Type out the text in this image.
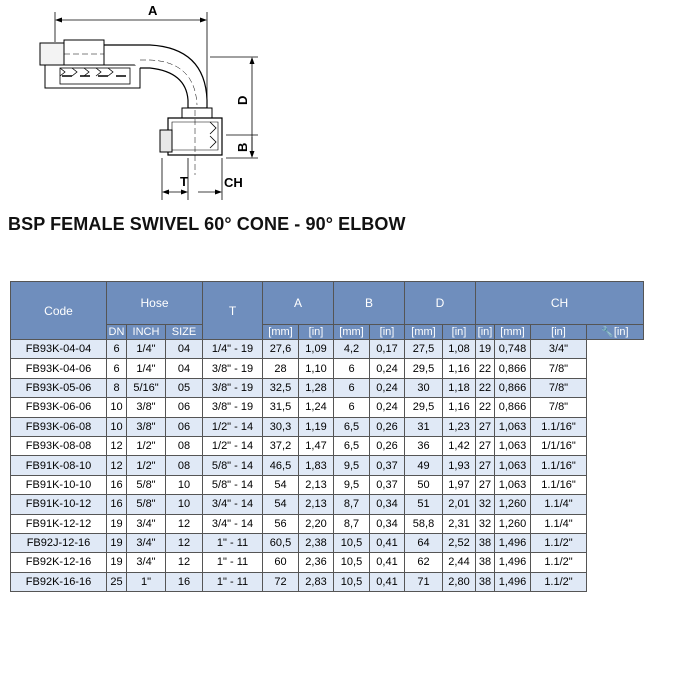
A
D
B
T	CH
BSP FEMALE SWIVEL 60° CONE - 90° ELBOW
Code	Hose			T	A		B		D		CH			
	DN	INCH	SIZE		[mm]	[in]	[mm]	[in]	[mm]	[in]	[in]	[mm]	[in]	🔧[in]
FB93K-04-04	6	1/4"	04	1/4" - 19	27,6	1,09	4,2	0,17	27,5	1,08	19	0,748	3/4"	
FB93K-04-06	6	1/4"	04	3/8" - 19	28	1,10	6	0,24	29,5	1,16	22	0,866	7/8"	
FB93K-05-06	8	5/16"	05	3/8" - 19	32,5	1,28	6	0,24	30	1,18	22	0,866	7/8"	
FB93K-06-06	10	3/8"	06	3/8" - 19	31,5	1,24	6	0,24	29,5	1,16	22	0,866	7/8"	
FB93K-06-08	10	3/8"	06	1/2" - 14	30,3	1,19	6,5	0,26	31	1,23	27	1,063	1.1/16"	
FB93K-08-08	12	1/2"	08	1/2" - 14	37,2	1,47	6,5	0,26	36	1,42	27	1,063	1/1/16"	
FB91K-08-10	12	1/2"	08	5/8" - 14	46,5	1,83	9,5	0,37	49	1,93	27	1,063	1.1/16"	
FB91K-10-10	16	5/8"	10	5/8" - 14	54	2,13	9,5	0,37	50	1,97	27	1,063	1.1/16"	
FB91K-10-12	16	5/8"	10	3/4" - 14	54	2,13	8,7	0,34	51	2,01	32	1,260	1.1/4"	
FB91K-12-12	19	3/4"	12	3/4" - 14	56	2,20	8,7	0,34	58,8	2,31	32	1,260	1.1/4"	
FB92J-12-16	19	3/4"	12	1" - 11	60,5	2,38	10,5	0,41	64	2,52	38	1,496	1.1/2"	
FB92K-12-16	19	3/4"	12	1" - 11	60	2,36	10,5	0,41	62	2,44	38	1,496	1.1/2"	
FB92K-16-16	25	1"	16	1" - 11	72	2,83	10,5	0,41	71	2,80	38	1,496	1.1/2"	
